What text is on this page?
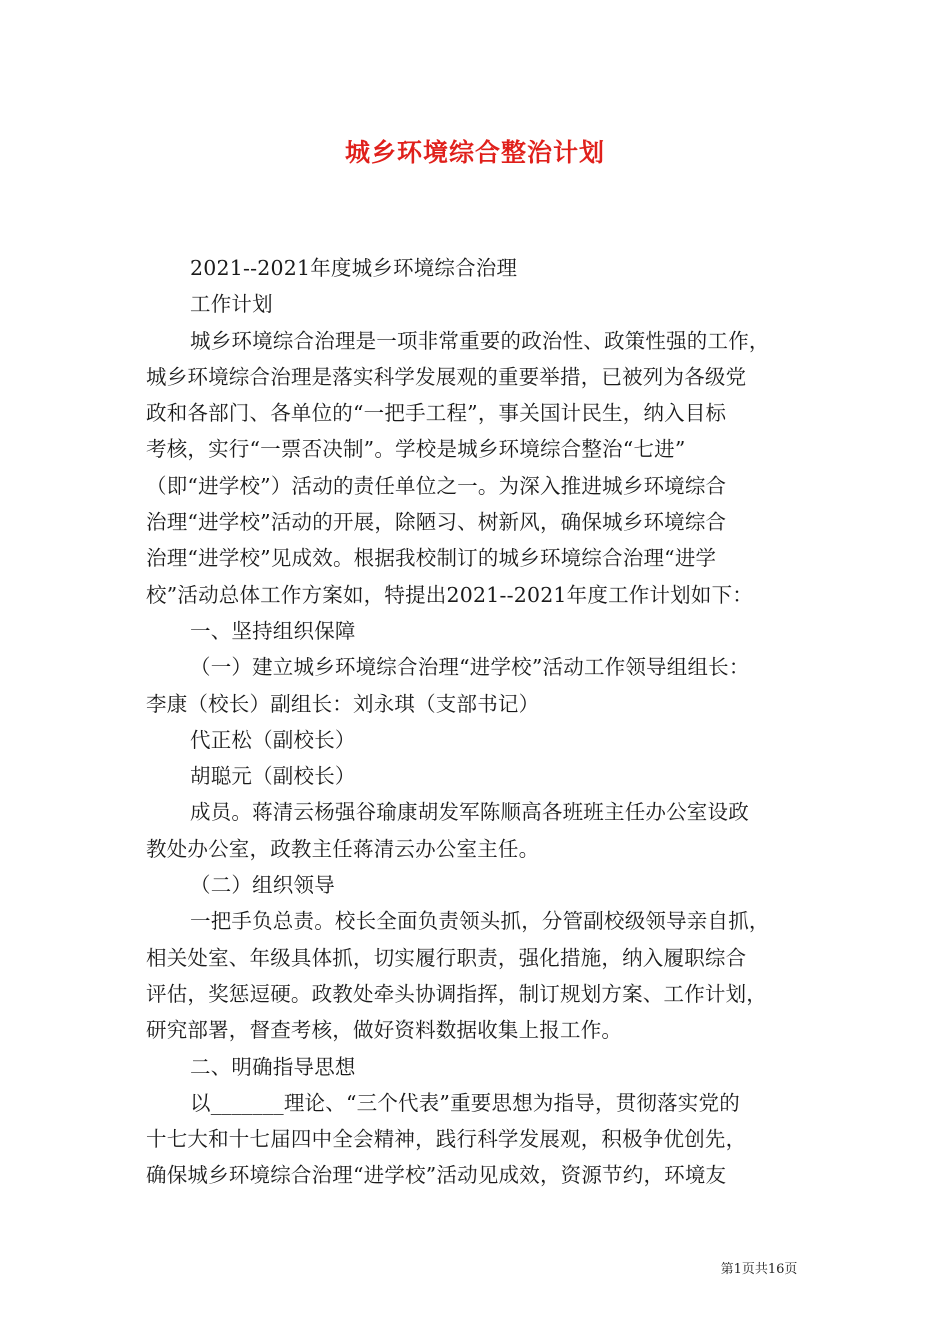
城乡环境综合整治计划
2021--2021年度城乡环境综合治理
工作计划
城乡环境综合治理是一项非常重要的政治性、政策性强的工作，
城乡环境综合治理是落实科学发展观的重要举措，已被列为各级党
政和各部门、各单位的“一把手工程”，事关国计民生，纳入目标
考核，实行“一票否决制”。学校是城乡环境综合整治“七进”
（即“进学校”）活动的责任单位之一。为深入推进城乡环境综合
治理“进学校”活动的开展，除陋习、树新风，确保城乡环境综合
治理“进学校”见成效。根据我校制订的城乡环境综合治理“进学
校”活动总体工作方案如，特提出2021--2021年度工作计划如下：
一、坚持组织保障
（一）建立城乡环境综合治理“进学校”活动工作领导组组长：
李康（校长）副组长：刘永琪（支部书记）
代正松（副校长）
胡聪元（副校长）
成员。蒋清云杨强谷瑜康胡发军陈顺高各班班主任办公室设政
教处办公室，政教主任蒋清云办公室主任。
（二）组织领导
一把手负总责。校长全面负责领头抓，分管副校级领导亲自抓，
相关处室、年级具体抓，切实履行职责，强化措施，纳入履职综合
评估，奖惩逗硬。政教处牵头协调指挥，制订规划方案、工作计划，
研究部署，督查考核，做好资料数据收集上报工作。
二、明确指导思想
以_______理论、“三个代表”重要思想为指导，贯彻落实党的
十七大和十七届四中全会精神，践行科学发展观，积极争优创先，
确保城乡环境综合治理“进学校”活动见成效，资源节约，环境友
第1页共16页
